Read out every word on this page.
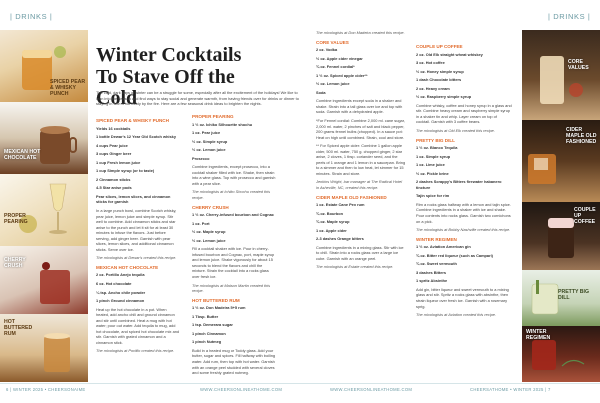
| DRINKS |	| DRINKS |
SPICED PEAR & WHISKY PUNCH
MEXICAN HOT CHOCOLATE
PROPER PEARING
CHERRY CRUSH
HOT BUTTERED RUM
Winter Cocktails To Stave Off the Cold
The cold, dark days of winter can be a struggle for some, especially after all the excitement of the holidays! We like to lean into the season and find ways to stay social and generate warmth, from having friends over for drinks or dinner to staying in with a hot toddy by the fire. Here are a few seasonal drink ideas to brighten the nights.
SPICED PEAR & WHISKY PUNCH

Yields 16 cocktails

1 bottle Dewar's 12 Year Old Scotch whisky

4 cups Pear juice

3 cups Ginger beer

1 cup Fresh lemon juice

1 cup Simple syrup (or to taste)

2 Cinnamon sticks

4-5 Star anise pods

Pear slices, lemon slices, and cinnamon sticks for garnish

In a large punch bowl, combine Scotch whisky, pear juice, lemon juice and simple syrup. Stir well to combine. Add cinnamon sticks and star anise to the punch and let it sit for at least 30 minutes to infuse the flavors. Just before serving, add ginger beer. Garnish with pear slices, lemon slices, and additional cinnamon sticks. Serve over ice.

The mixologists at Dewar's created this recipe.

MEXICAN HOT CHOCOLATE

2 oz. Portillo Anejo tequila

6 oz. Hot chocolate

¼ tsp. Ancho chile powder

1 pinch Ground cinnamon

Heat up the hot chocolate in a pot. When heated, add ancho chili and ground cinnamon and stir until combined. Heat a mug with hot water; pour out water. Add tequila to mug, add hot chocolate, and spiced hot chocolate mix and stir. Garnish with grated cinnamon and a cinnamon stick.

The mixologists at Portillo created this recipe.

PROPER PEARING

1 ½ oz. Ichiko Silhouette shochu

1 oz. Pear juice

½ oz. Simple syrup

½ oz. Lemon juice

Prosecco

Combine ingredients, except prosecco, into a cocktail shaker filled with ice. Shake, then strain into a wine glass. Top with prosecco and garnish with a pear slice.

The mixologists at Ichiko Shochu created this recipe.

CHERRY CRUSH

1 ½ oz. Cherry-infused bourbon and Cognac

1 oz. Port

½ oz. Maple syrup

½ oz. Lemon juice

Fill a cocktail shaker with ice. Pour in cherry-infused bourbon and Cognac, port, maple syrup and lemon juice. Shake vigorously for about 15 seconds to blend the flavors and chill the mixture. Strain the cocktail into a rocks glass over fresh ice.

The mixologists at Maison Martin created this recipe.

HOT BUTTERED RUM

1 ½ oz. Don Madeira 5+5 rum

1 Tbsp. Butter

1 tsp. Demerara sugar

1 pinch Cinnamon

1 pinch Nutmeg

Build in a heated mug or Toddy glass. Add your butter, sugar and spices. Fill halfway with boiling water. Add rum, then top with hot water. Garnish with an orange peel studded with several cloves and some freshly grated nutmeg.

The mixologists at Don Madeira created this recipe.

CORE VALUES

2 oz. Vodka

½ oz. Apple cider vinegar

¾ oz. Fennel cordial*

1 ½ oz. Spiced apple cider**

½ oz. Lemon juice

Soda

Combine ingredients except soda in a shaker and shake. Strain into a tall glass over ice and top with soda. Garnish with a dehydrated apple.

*For Fennel cordial: Combine 2,000 ml. cane sugar, 2,000 ml. water, 2 pinches of salt and black pepper, 200 grams fennel bulbs (chopped). In a sauce pot: Heat on high until combined. Strain, cool and store.

** For Spiced apple cider: Combine 1 gallon apple cider, 500 ml. water, 750 g. chopped ginger, 2 star anise, 2 cloves, 1 tbsp. coriander seed, and the peels of 1 orange and 1 lemon in a saucepan. Bring to a simmer and then to low heat, let simmer for 15 minutes. Strain and store.

Jenkins Wright, bar manager at The Radical Hotel in Asheville, NC, created this recipe.

CIDER MAPLE OLD FASHIONED

1 oz. Estate Cane Pex rum

¾ oz. Bourbon

¾ oz. Maple syrup

1 oz. Apple cider

2-3 dashes Orange bitters

Combine ingredients in a mixing glass. Stir with ice to chill. Strain into a rocks glass over a large ice cube. Garnish with an orange peel.

The mixologists at Estate created this recipe.

COUPLE UP COFFEE

2 oz. Old Elk straight wheat whiskey

3 oz. Hot coffee

½ oz. Honey simple syrup

1 dash Chocolate bitters

2 oz. Heavy cream

½ oz. Raspberry simple syrup

Combine whisky, coffee and honey syrup in a glass and stir. Combine heavy cream and raspberry simple syrup in a shaker tin and whip. Layer cream on top of cocktail. Garnish with 3 coffee beans.

The mixologists at Old Elk created this recipe.

PRETTY BIG DILL

1 ½ oz. Blanco Tequila

1 oz. Simple syrup

1 oz. Lime juice

½ oz. Pickle brine

2 dashes Scrappy's Bitters firewater habanero tincture

Tajin spice for rim

Rim a rocks glass halfway with a lemon and tajin spice. Combine ingredients in a shaker with ice and shake. Pour contents into rocks glass. Garnish two cornichons on a pick.

The mixologists at Bobby Nashville created this recipe.

WINTER REGIMEN

1 ½ oz. Aviation American gin

¾ oz. Bitter red liqueur (such as Campari)

¾ oz. Sweet vermouth

3 dashes Bitters

1 spritz Absinthe

Add gin, bitter liqueur and sweet vermouth to a mixing glass and stir. Spritz a rocks glass with absinthe, then strain liqueur over fresh ice. Garnish with a rosemary sprig.

The mixologists at Aviation created this recipe.

CORE VALUES
CIDER MAPLE OLD FASHIONED
COUPLE UP COFFEE
PRETTY BIG DILL
WINTER REGIMEN
6 | WINTER 2025 • CHEERSONAIME	WWW.CHEERSONLINEATHOME.COM	WWW.CHEERSONLINEATHOME.COM	CHEERSATHOME • WINTER 2025 | 7
